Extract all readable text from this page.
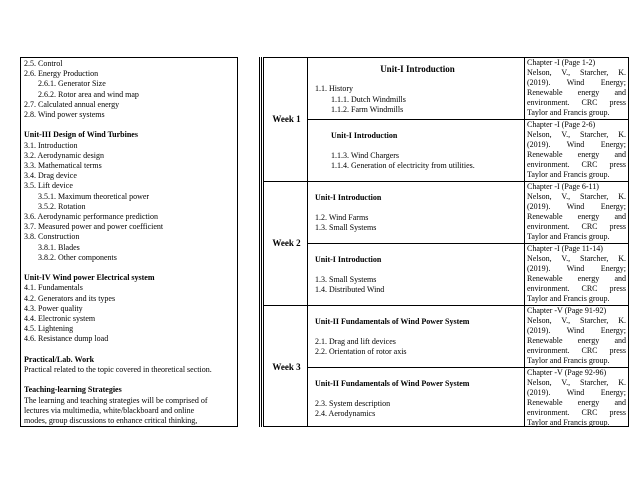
2.5. Control
2.6. Energy Production
2.6.1. Generator Size
2.6.2. Rotor area and wind map
2.7. Calculated annual energy
2.8. Wind power systems
Unit-III Design of Wind Turbines
3.1. Introduction
3.2. Aerodynamic design
3.3. Mathematical terms
3.4. Drag device
3.5. Lift device
3.5.1. Maximum theoretical power
3.5.2. Rotation
3.6. Aerodynamic performance prediction
3.7. Measured power and power coefficient
3.8. Construction
3.8.1. Blades
3.8.2. Other components
Unit-IV Wind power Electrical system
4.1. Fundamentals
4.2. Generators and its types
4.3. Power quality
4.4. Electronic system
4.5. Lightening
4.6. Resistance dump load
Practical/Lab. Work
Practical related to the topic covered in theoretical section.
Teaching-learning Strategies
The learning and teaching strategies will be comprised of
lectures via multimedia, white/blackboard and online
modes, group discussions to enhance critical thinking,
Week 1
Week 2
Week 3
Unit-I Introduction
1.1. History
1.1.1. Dutch Windmills
1.1.2. Farm Windmills
Unit-I Introduction
1.1.3. Wind Chargers
1.1.4. Generation of electricity from utilities.
Unit-I Introduction
1.2. Wind Farms
1.3. Small Systems
Unit-I Introduction
1.3. Small Systems
1.4. Distributed Wind
Unit-II Fundamentals of Wind Power System
2.1. Drag and lift devices
2.2. Orientation of rotor axis
Unit-II Fundamentals of Wind Power System
2.3. System description
2.4. Aerodynamics
Chapter -I (Page 1-2)
Nelson, V., Starcher, K.
(2019). Wind Energy;
Renewable energy and
environment. CRC press
Taylor and Francis group.
Chapter -I (Page 2-6)
Nelson, V., Starcher, K.
(2019). Wind Energy;
Renewable energy and
environment. CRC press
Taylor and Francis group.
Chapter -I (Page 6-11)
Nelson, V., Starcher, K.
(2019). Wind Energy;
Renewable energy and
environment. CRC press
Taylor and Francis group.
Chapter -I (Page 11-14)
Nelson, V., Starcher, K.
(2019). Wind Energy;
Renewable energy and
environment. CRC press
Taylor and Francis group.
Chapter -V (Page 91-92)
Nelson, V., Starcher, K.
(2019). Wind Energy;
Renewable energy and
environment. CRC press
Taylor and Francis group.
Chapter -V (Page 92-96)
Nelson, V., Starcher, K.
(2019). Wind Energy;
Renewable energy and
environment. CRC press
Taylor and Francis group.
